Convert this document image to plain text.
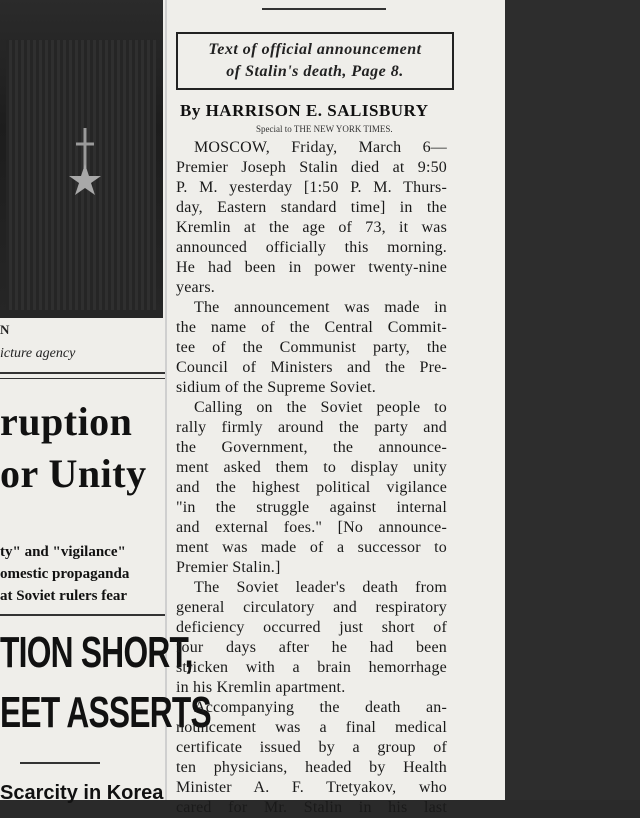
N
icture agency
ruption
or Unity
ty" and "vigilance"
omestic propaganda
at Soviet rulers fear
TION SHORT,
EET ASSERTS
Scarcity in Korea
Text of official announcement
of Stalin's death, Page 8.
By HARRISON E. SALISBURY
Special to THE NEW YORK TIMES.
MOSCOW, Friday, March 6—
Premier Joseph Stalin died at 9:50
P. M. yesterday [1:50 P. M. Thurs-
day, Eastern standard time] in the
Kremlin at the age of 73, it was
announced officially this morning.
He had been in power twenty-nine
years.
The announcement was made in
the name of the Central Commit-
tee of the Communist party, the
Council of Ministers and the Pre-
sidium of the Supreme Soviet.
Calling on the Soviet people to
rally firmly around the party and
the Government, the announce-
ment asked them to display unity
and the highest political vigilance
"in the struggle against internal
and external foes." [No announce-
ment was made of a successor to
Premier Stalin.]
The Soviet leader's death from
general circulatory and respiratory
deficiency occurred just short of
four days after he had been
stricken with a brain hemorrhage
in his Kremlin apartment.
Accompanying the death an-
nouncement was a final medical
certificate issued by a group of
ten physicians, headed by Health
Minister A. F. Tretyakov, who
cared for Mr. Stalin in his last
